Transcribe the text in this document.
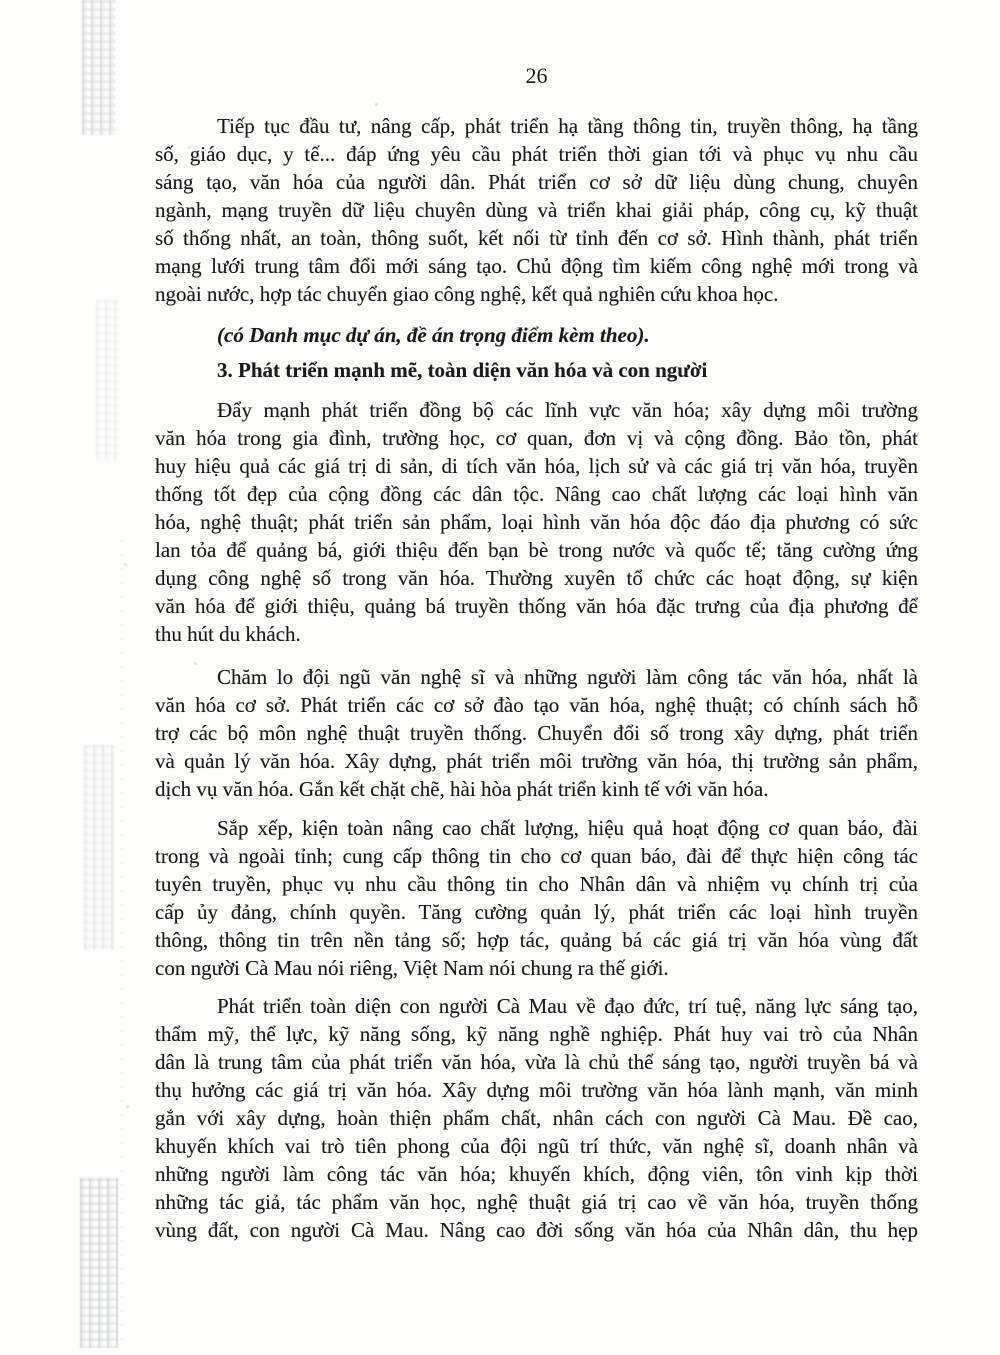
26
Tiếp tục đầu tư, nâng cấp, phát triển hạ tầng thông tin, truyền thông, hạ tầng
số, giáo dục, y tế... đáp ứng yêu cầu phát triển thời gian tới và phục vụ nhu cầu
sáng tạo, văn hóa của người dân. Phát triển cơ sở dữ liệu dùng chung, chuyên
ngành, mạng truyền dữ liệu chuyên dùng và triển khai giải pháp, công cụ, kỹ thuật
số thống nhất, an toàn, thông suốt, kết nối từ tỉnh đến cơ sở. Hình thành, phát triển
mạng lưới trung tâm đổi mới sáng tạo. Chủ động tìm kiếm công nghệ mới trong và
ngoài nước, hợp tác chuyển giao công nghệ, kết quả nghiên cứu khoa học.
(có Danh mục dự án, đề án trọng điểm kèm theo).
3. Phát triển mạnh mẽ, toàn diện văn hóa và con người
Đẩy mạnh phát triển đồng bộ các lĩnh vực văn hóa; xây dựng môi trường
văn hóa trong gia đình, trường học, cơ quan, đơn vị và cộng đồng. Bảo tồn, phát
huy hiệu quả các giá trị di sản, di tích văn hóa, lịch sử và các giá trị văn hóa, truyền
thống tốt đẹp của cộng đồng các dân tộc. Nâng cao chất lượng các loại hình văn
hóa, nghệ thuật; phát triển sản phẩm, loại hình văn hóa độc đáo địa phương có sức
lan tỏa để quảng bá, giới thiệu đến bạn bè trong nước và quốc tế; tăng cường ứng
dụng công nghệ số trong văn hóa. Thường xuyên tổ chức các hoạt động, sự kiện
văn hóa để giới thiệu, quảng bá truyền thống văn hóa đặc trưng của địa phương để
thu hút du khách.
Chăm lo đội ngũ văn nghệ sĩ và những người làm công tác văn hóa, nhất là
văn hóa cơ sở. Phát triển các cơ sở đào tạo văn hóa, nghệ thuật; có chính sách hỗ
trợ các bộ môn nghệ thuật truyền thống. Chuyển đổi số trong xây dựng, phát triển
và quản lý văn hóa. Xây dựng, phát triển môi trường văn hóa, thị trường sản phẩm,
dịch vụ văn hóa. Gắn kết chặt chẽ, hài hòa phát triển kinh tế với văn hóa.
Sắp xếp, kiện toàn nâng cao chất lượng, hiệu quả hoạt động cơ quan báo, đài
trong và ngoài tỉnh; cung cấp thông tin cho cơ quan báo, đài để thực hiện công tác
tuyên truyền, phục vụ nhu cầu thông tin cho Nhân dân và nhiệm vụ chính trị của
cấp ủy đảng, chính quyền. Tăng cường quản lý, phát triển các loại hình truyền
thông, thông tin trên nền tảng số; hợp tác, quảng bá các giá trị văn hóa vùng đất
con người Cà Mau nói riêng, Việt Nam nói chung ra thế giới.
Phát triển toàn diện con người Cà Mau về đạo đức, trí tuệ, năng lực sáng tạo,
thẩm mỹ, thể lực, kỹ năng sống, kỹ năng nghề nghiệp. Phát huy vai trò của Nhân
dân là trung tâm của phát triển văn hóa, vừa là chủ thể sáng tạo, người truyền bá và
thụ hưởng các giá trị văn hóa. Xây dựng môi trường văn hóa lành mạnh, văn minh
gắn với xây dựng, hoàn thiện phẩm chất, nhân cách con người Cà Mau. Đề cao,
khuyến khích vai trò tiên phong của đội ngũ trí thức, văn nghệ sĩ, doanh nhân và
những người làm công tác văn hóa; khuyến khích, động viên, tôn vinh kịp thời
những tác giả, tác phẩm văn học, nghệ thuật giá trị cao về văn hóa, truyền thống
vùng đất, con người Cà Mau. Nâng cao đời sống văn hóa của Nhân dân, thu hẹp
